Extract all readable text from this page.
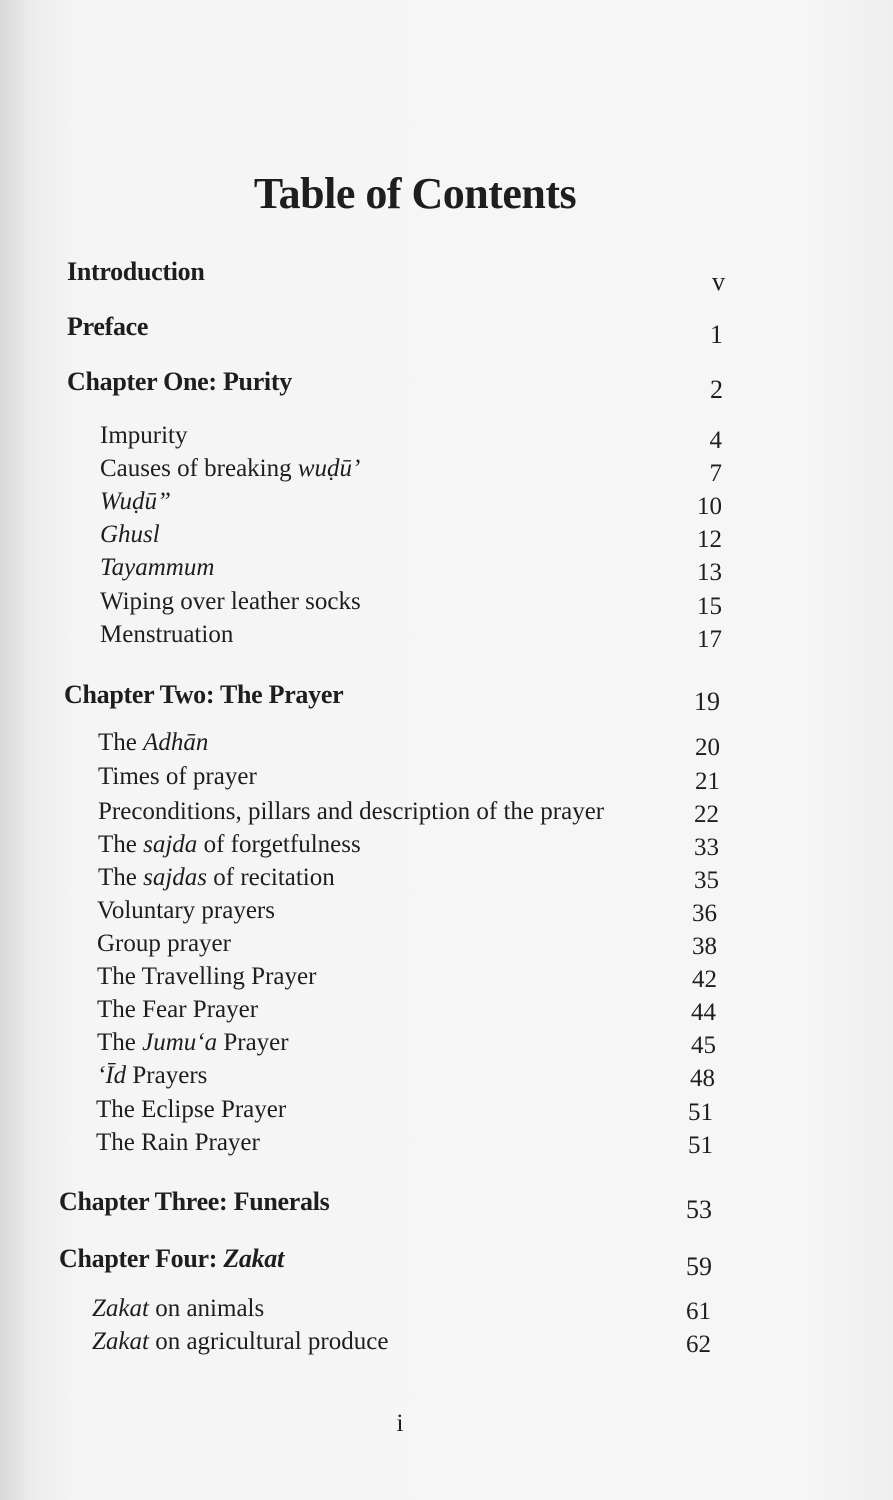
Table of Contents
Introduction	v
Preface	1
Chapter One: Purity	2
Impurity	4
Causes of breaking wuḍū’	7
Wuḍū”	10
Ghusl	12
Tayammum	13
Wiping over leather socks	15
Menstruation	17
Chapter Two: The Prayer	19
The Adhān	20
Times of prayer	21
Preconditions, pillars and description of the prayer	22
The sajda of forgetfulness	33
The sajdas of recitation	35
Voluntary prayers	36
Group prayer	38
The Travelling Prayer	42
The Fear Prayer	44
The Jumu‘a Prayer	45
‘Īd Prayers	48
The Eclipse Prayer	51
The Rain Prayer	51
Chapter Three: Funerals	53
Chapter Four: Zakat	59
Zakat on animals	61
Zakat on agricultural produce	62
i
